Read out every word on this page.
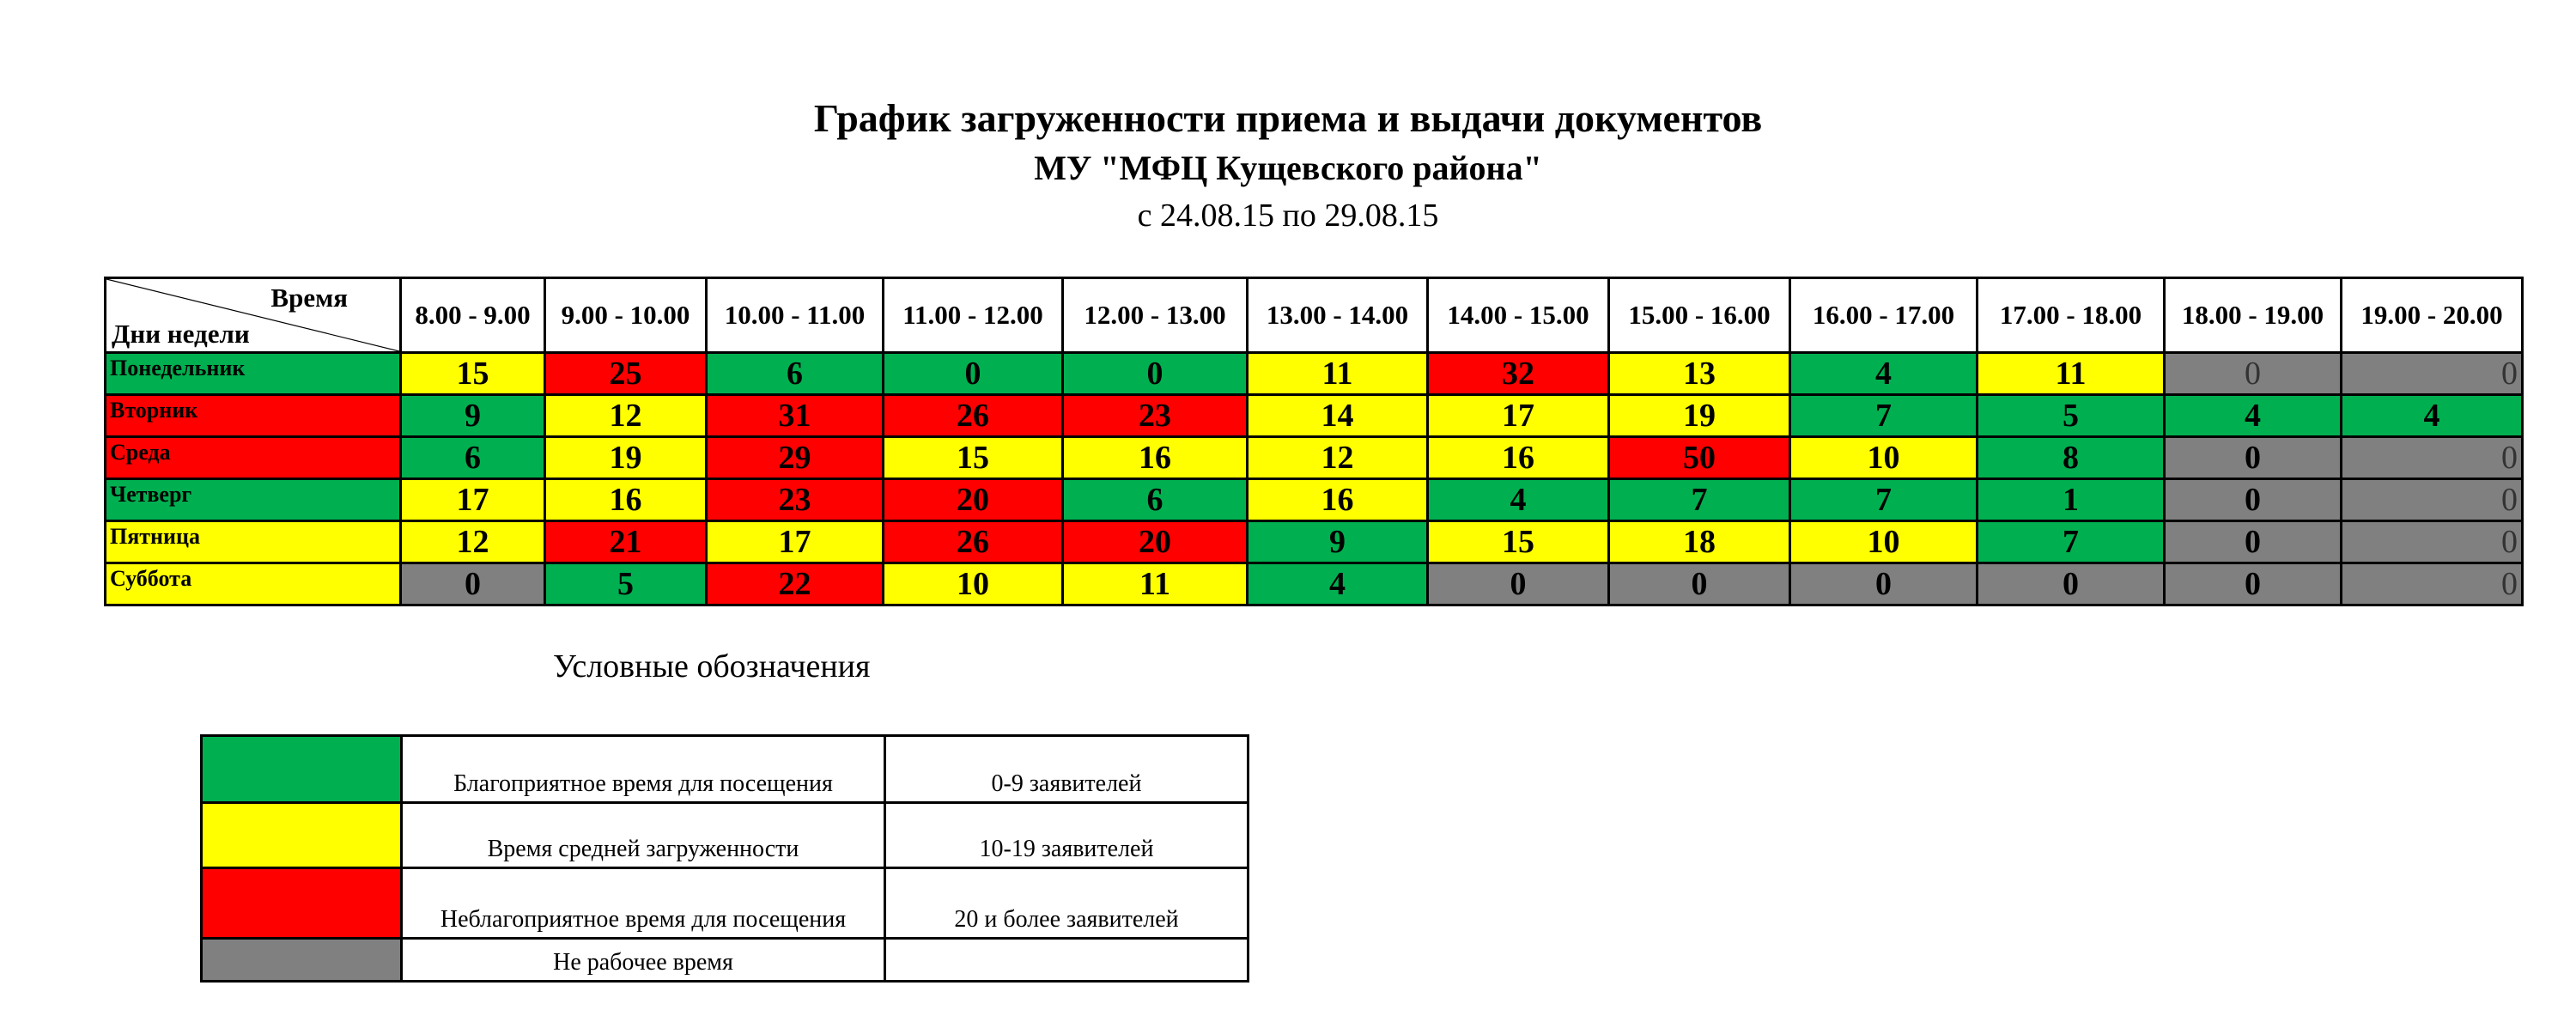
График загруженности приема и выдачи документов
МУ "МФЦ Кущевского района"
с 24.08.15 по 29.08.15
Время
Дни недели	8.00 - 9.00	9.00 - 10.00	10.00 - 11.00	11.00 - 12.00	12.00 - 13.00	13.00 - 14.00	14.00 - 15.00	15.00 - 16.00	16.00 - 17.00	17.00 - 18.00	18.00 - 19.00	19.00 - 20.00
Понедельник	15	25	6	0	0	11	32	13	4	11	0	0
Вторник	9	12	31	26	23	14	17	19	7	5	4	4
Среда	6	19	29	15	16	12	16	50	10	8	0	0
Четверг	17	16	23	20	6	16	4	7	7	1	0	0
Пятница	12	21	17	26	20	9	15	18	10	7	0	0
Суббота	0	5	22	10	11	4	0	0	0	0	0	0
Условные обозначения
	Благоприятное время для посещения	0-9 заявителей
	Время средней загруженности	10-19 заявителей
	Неблагоприятное время для посещения	20 и более заявителей
	Не рабочее время	
